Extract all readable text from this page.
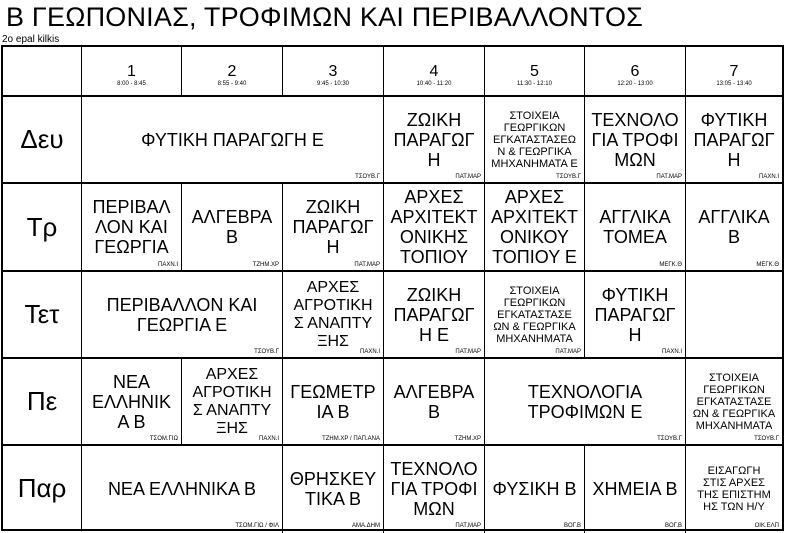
Β ΓΕΩΠΟΝΙΑΣ, ΤΡΟΦΙΜΩΝ ΚΑΙ ΠΕΡΙΒΑΛΛΟΝΤΟΣ
2o epal kilkis
1
8:00 - 8:45
2
8:55 - 9:40
3
9:45 - 10:30
4
10:40 - 11:20
5
11:30 - 12:10
6
12:20 - 13:00
7
13:05 - 13:40
Δευ
Τρ
Τετ
Πε
Παρ
ΦΥΤΙΚΗ ΠΑΡΑΓΩΓΗ Ε
ΤΣΟΥΒ.Γ
ΖΩΙΚΗ
ΠΑΡΑΓΩΓ
Η
ΠΑΤ.ΜΑΡ
ΣΤΟΙΧΕΙΑ
ΓΕΩΡΓΙΚΩΝ
ΕΓΚΑΤΑΣΤΑΣΕΩ
Ν & ΓΕΩΡΓΙΚΑ
ΜΗΧΑΝΗΜΑΤΑ Ε
ΤΣΟΥΒ.Γ
ΤΕΧΝΟΛΟ
ΓΙΑ ΤΡΟΦΙ
ΜΩΝ
ΠΑΤ.ΜΑΡ
ΦΥΤΙΚΗ
ΠΑΡΑΓΩΓ
Η
ΠΑΧΝ.Ι
ΠΕΡΙΒΑΛ
ΛΟΝ ΚΑΙ
ΓΕΩΡΓΙΑ
ΠΑΧΝ.Ι
ΑΛΓΕΒΡΑ
Β
ΤΖΗΜ.ΧΡ
ΖΩΙΚΗ
ΠΑΡΑΓΩΓ
Η
ΠΑΤ.ΜΑΡ
ΑΡΧΕΣ
ΑΡΧΙΤΕΚΤ
ΟΝΙΚΗΣ
ΤΟΠΙΟΥ
ΑΡΧΕΣ
ΑΡΧΙΤΕΚΤ
ΟΝΙΚΟΥ
ΤΟΠΙΟΥ Ε
ΑΓΓΛΙΚΑ
ΤΟΜΕΑ
ΜΕΓΚ.Θ
ΑΓΓΛΙΚΑ
Β
ΜΕΓΚ.Θ
ΠΕΡΙΒΑΛΛΟΝ ΚΑΙ
ΓΕΩΡΓΙΑ Ε
ΤΣΟΥΒ.Γ
ΑΡΧΕΣ
ΑΓΡΟΤΙΚΗ
Σ ΑΝΑΠΤΥ
ΞΗΣ
ΠΑΧΝ.Ι
ΖΩΙΚΗ
ΠΑΡΑΓΩΓ
Η Ε
ΠΑΤ.ΜΑΡ
ΣΤΟΙΧΕΙΑ
ΓΕΩΡΓΙΚΩΝ
ΕΓΚΑΤΑΣΤΑΣΕ
ΩΝ & ΓΕΩΡΓΙΚΑ
ΜΗΧΑΝΗΜΑΤΑ
ΠΑΤ.ΜΑΡ
ΦΥΤΙΚΗ
ΠΑΡΑΓΩΓ
Η
ΠΑΧΝ.Ι
ΝΕΑ
ΕΛΛΗΝΙΚ
Α Β
ΤΣΟΜ.ΓΙΩ
ΑΡΧΕΣ
ΑΓΡΟΤΙΚΗ
Σ ΑΝΑΠΤΥ
ΞΗΣ
ΠΑΧΝ.Ι
ΓΕΩΜΕΤΡ
ΙΑ Β
ΤΖΗΜ.ΧΡ / ΠΑΠ.ΑΝΑ
ΑΛΓΕΒΡΑ
Β
ΤΖΗΜ.ΧΡ
ΤΕΧΝΟΛΟΓΙΑ
ΤΡΟΦΙΜΩΝ Ε
ΤΣΟΥΒ.Γ
ΣΤΟΙΧΕΙΑ
ΓΕΩΡΓΙΚΩΝ
ΕΓΚΑΤΑΣΤΑΣΕ
ΩΝ & ΓΕΩΡΓΙΚΑ
ΜΗΧΑΝΗΜΑΤΑ
ΤΣΟΥΒ.Γ
ΝΕΑ ΕΛΛΗΝΙΚΑ Β
ΤΣΟΜ.ΓΙΩ / ΦΙΛ
ΘΡΗΣΚΕΥ
ΤΙΚΑ Β
ΑΜΑ.ΔΗΜ
ΤΕΧΝΟΛΟ
ΓΙΑ ΤΡΟΦΙ
ΜΩΝ
ΠΑΤ.ΜΑΡ
ΦΥΣΙΚΗ Β
ΒΟΓ.Β
ΧΗΜΕΙΑ Β
ΒΟΓ.Β
ΕΙΣΑΓΩΓΗ
ΣΤΙΣ ΑΡΧΕΣ
ΤΗΣ ΕΠΙΣΤΗΜ
ΗΣ ΤΩΝ Η/Υ
ΟΙΚ.ΕΛΠ
